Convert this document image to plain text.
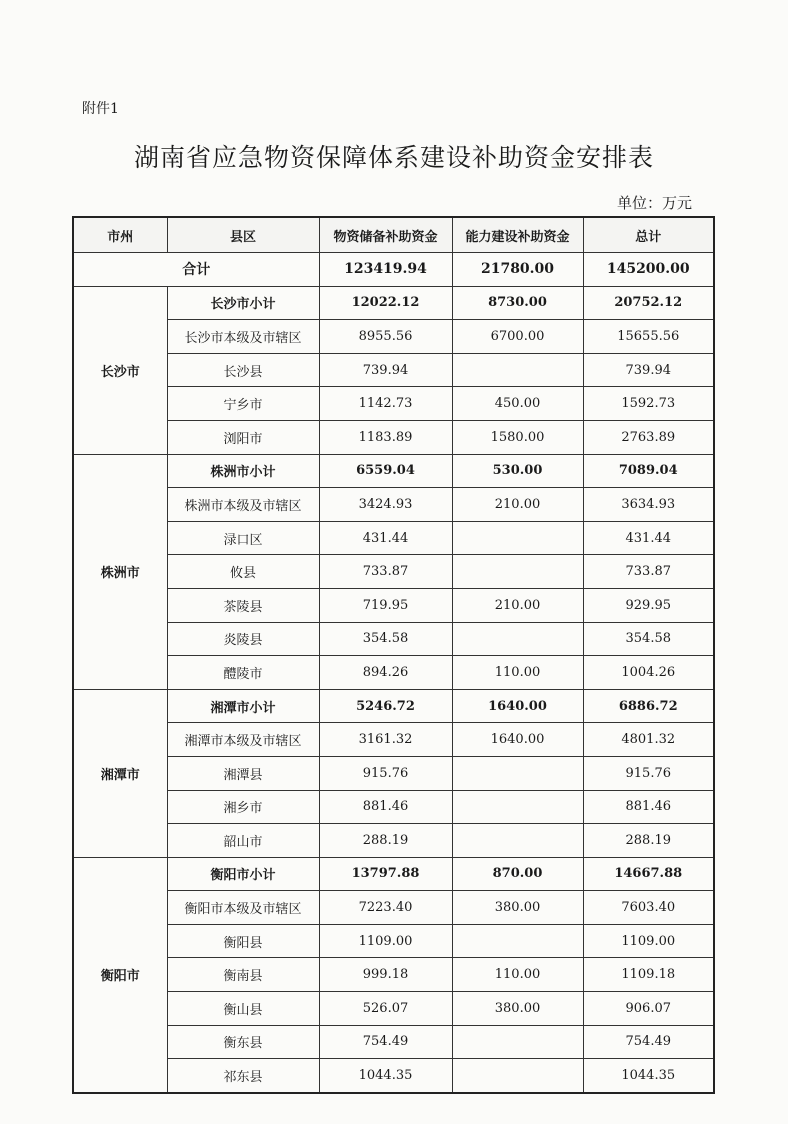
附件1
湖南省应急物资保障体系建设补助资金安排表
单位：万元
市州	县区	物资储备补助资金	能力建设补助资金	总计
合计		123419.94	21780.00	145200.00
长沙市	长沙市小计	12022.12	8730.00	20752.12
	长沙市本级及市辖区	8955.56	6700.00	15655.56
	长沙县	739.94		739.94
	宁乡市	1142.73	450.00	1592.73
	浏阳市	1183.89	1580.00	2763.89
株洲市	株洲市小计	6559.04	530.00	7089.04
	株洲市本级及市辖区	3424.93	210.00	3634.93
	渌口区	431.44		431.44
	攸县	733.87		733.87
	茶陵县	719.95	210.00	929.95
	炎陵县	354.58		354.58
	醴陵市	894.26	110.00	1004.26
湘潭市	湘潭市小计	5246.72	1640.00	6886.72
	湘潭市本级及市辖区	3161.32	1640.00	4801.32
	湘潭县	915.76		915.76
	湘乡市	881.46		881.46
	韶山市	288.19		288.19
衡阳市	衡阳市小计	13797.88	870.00	14667.88
	衡阳市本级及市辖区	7223.40	380.00	7603.40
	衡阳县	1109.00		1109.00
	衡南县	999.18	110.00	1109.18
	衡山县	526.07	380.00	906.07
	衡东县	754.49		754.49
	祁东县	1044.35		1044.35
